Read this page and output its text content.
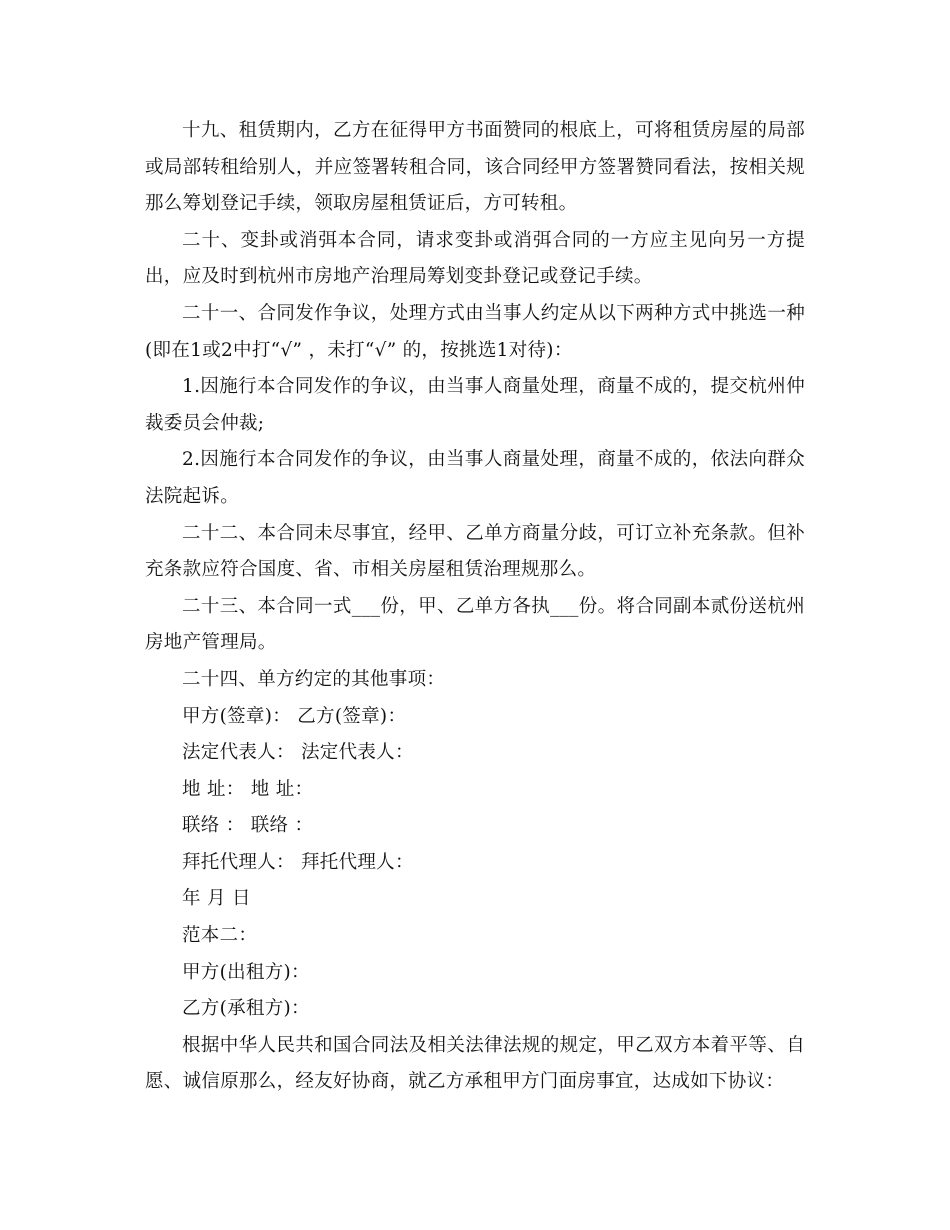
十九、租赁期内，乙方在征得甲方书面赞同的根底上，可将租赁房屋的局部或局部转租给别人，并应签署转租合同，该合同经甲方签署赞同看法，按相关规那么筹划登记手续，领取房屋租赁证后，方可转租。

二十、变卦或消弭本合同，请求变卦或消弭合同的一方应主见向另一方提出，应及时到杭州市房地产治理局筹划变卦登记或登记手续。

二十一、合同发作争议，处理方式由当事人约定从以下两种方式中挑选一种(即在1或2中打“√” ，未打“√” 的，按挑选1对待)：

1.因施行本合同发作的争议，由当事人商量处理，商量不成的，提交杭州仲裁委员会仲裁;

2.因施行本合同发作的争议，由当事人商量处理，商量不成的，依法向群众法院起诉。

二十二、本合同未尽事宜，经甲、乙单方商量分歧，可订立补充条款。但补充条款应符合国度、省、市相关房屋租赁治理规那么。

二十三、本合同一式___份，甲、乙单方各执___份。将合同副本贰份送杭州房地产管理局。

二十四、单方约定的其他事项：

甲方(签章)： 乙方(签章)：

法定代表人： 法定代表人：

地 址： 地 址：

联络 ： 联络 ：

拜托代理人： 拜托代理人：

年 月 日

范本二：

甲方(出租方)：

乙方(承租方)：

根据中华人民共和国合同法及相关法律法规的规定，甲乙双方本着平等、自愿、诚信原那么，经友好协商，就乙方承租甲方门面房事宜，达成如下协议：
